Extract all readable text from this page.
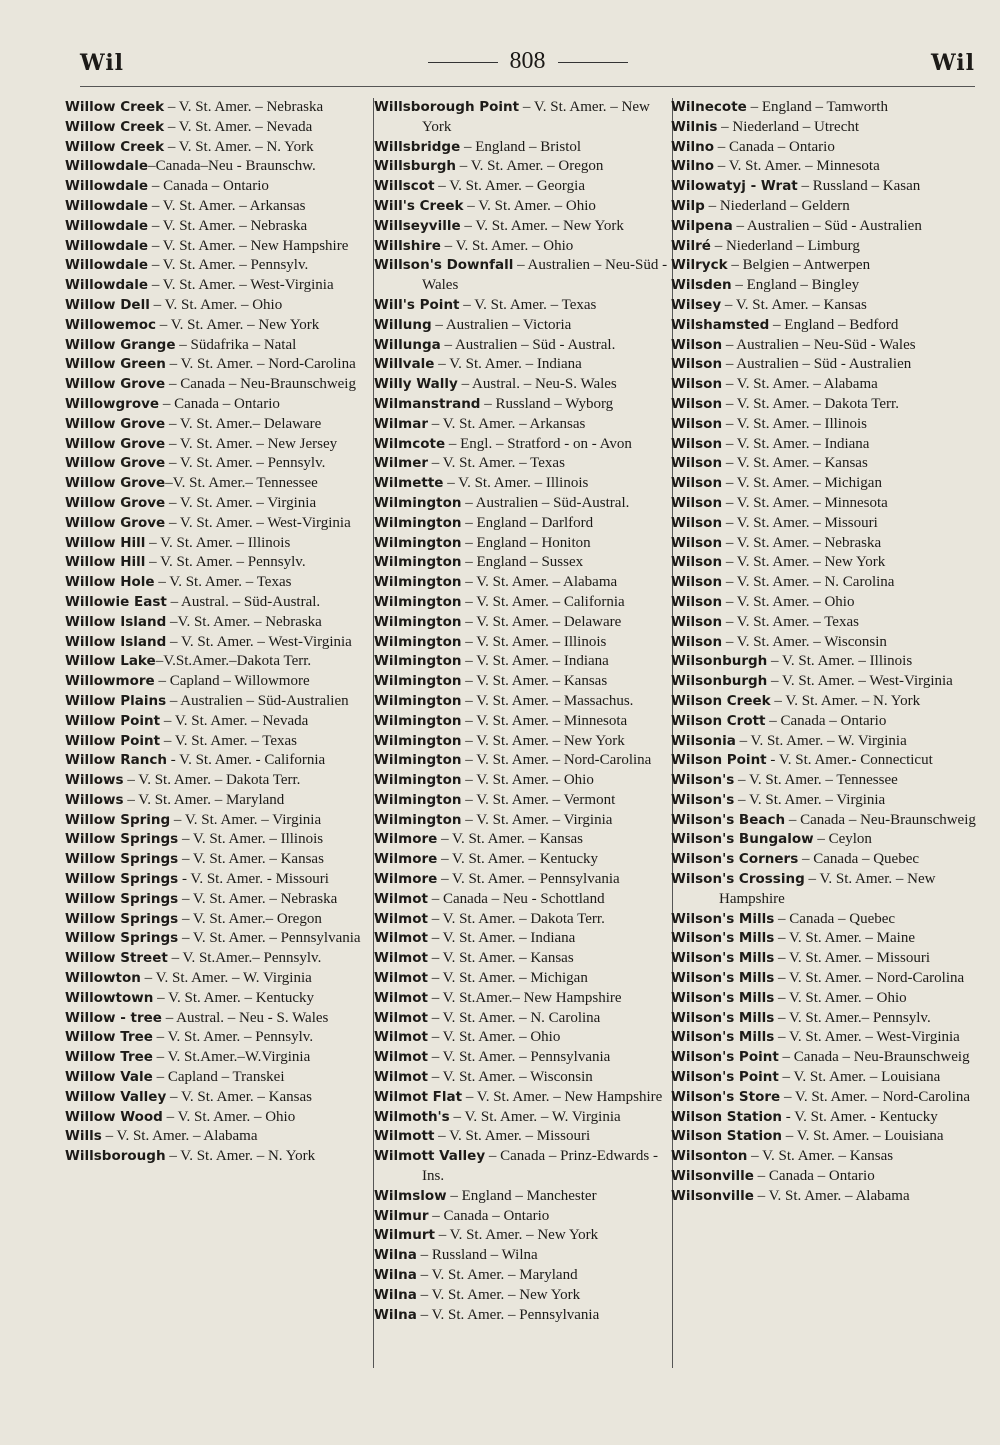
Wil	808	Wil
Willow Creek – V. St. Amer. – Nebraska
Willow Creek – V. St. Amer. – Nevada
Willow Creek – V. St. Amer. – N. York
Willowdale–Canada–Neu - Braunschw.
Willowdale – Canada – Ontario
Willowdale – V. St. Amer. – Arkansas
Willowdale – V. St. Amer. – Nebraska
Willowdale – V. St. Amer. – New Hampshire
Willowdale – V. St. Amer. – Pennsylv.
Willowdale – V. St. Amer. – West-Virginia
Willow Dell – V. St. Amer. – Ohio
Willowemoc – V. St. Amer. – New York
Willow Grange – Südafrika – Natal
Willow Green – V. St. Amer. – Nord-Carolina
Willow Grove – Canada – Neu-Braunschweig
Willowgrove – Canada – Ontario
Willow Grove – V. St. Amer.– Delaware
Willow Grove – V. St. Amer. – New Jersey
Willow Grove – V. St. Amer. – Pennsylv.
Willow Grove–V. St. Amer.– Tennessee
Willow Grove – V. St. Amer. – Virginia
Willow Grove – V. St. Amer. – West-Virginia
Willow Hill – V. St. Amer. – Illinois
Willow Hill – V. St. Amer. – Pennsylv.
Willow Hole – V. St. Amer. – Texas
Willowie East – Austral. – Süd-Austral.
Willow Island –V. St. Amer. – Nebraska
Willow Island – V. St. Amer. – West-Virginia
Willow Lake–V.St.Amer.–Dakota Terr.
Willowmore – Capland – Willowmore
Willow Plains – Australien – Süd-Australien
Willow Point – V. St. Amer. – Nevada
Willow Point – V. St. Amer. – Texas
Willow Ranch - V. St. Amer. - California
Willows – V. St. Amer. – Dakota Terr.
Willows – V. St. Amer. – Maryland
Willow Spring – V. St. Amer. – Virginia
Willow Springs – V. St. Amer. – Illinois
Willow Springs – V. St. Amer. – Kansas
Willow Springs - V. St. Amer. - Missouri
Willow Springs – V. St. Amer. – Nebraska
Willow Springs – V. St. Amer.– Oregon
Willow Springs – V. St. Amer. – Pennsylvania
Willow Street – V. St.Amer.– Pennsylv.
Willowton – V. St. Amer. – W. Virginia
Willowtown – V. St. Amer. – Kentucky
Willow - tree – Austral. – Neu - S. Wales
Willow Tree – V. St. Amer. – Pennsylv.
Willow Tree – V. St.Amer.–W.Virginia
Willow Vale – Capland – Transkei
Willow Valley – V. St. Amer. – Kansas
Willow Wood – V. St. Amer. – Ohio
Wills – V. St. Amer. – Alabama
Willsborough – V. St. Amer. – N. York
Willsborough Point – V. St. Amer. – New York
Willsbridge – England – Bristol
Willsburgh – V. St. Amer. – Oregon
Willscot – V. St. Amer. – Georgia
Will's Creek – V. St. Amer. – Ohio
Willseyville – V. St. Amer. – New York
Willshire – V. St. Amer. – Ohio
Willson's Downfall – Australien – Neu-Süd - Wales
Will's Point – V. St. Amer. – Texas
Willung – Australien – Victoria
Willunga – Australien – Süd - Austral.
Willvale – V. St. Amer. – Indiana
Willy Wally – Austral. – Neu-S. Wales
Wilmanstrand – Russland – Wyborg
Wilmar – V. St. Amer. – Arkansas
Wilmcote – Engl. – Stratford - on - Avon
Wilmer – V. St. Amer. – Texas
Wilmette – V. St. Amer. – Illinois
Wilmington – Australien – Süd-Austral.
Wilmington – England – Darlford
Wilmington – England – Honiton
Wilmington – England – Sussex
Wilmington – V. St. Amer. – Alabama
Wilmington – V. St. Amer. – California
Wilmington – V. St. Amer. – Delaware
Wilmington – V. St. Amer. – Illinois
Wilmington – V. St. Amer. – Indiana
Wilmington – V. St. Amer. – Kansas
Wilmington – V. St. Amer. – Massachus.
Wilmington – V. St. Amer. – Minnesota
Wilmington – V. St. Amer. – New York
Wilmington – V. St. Amer. – Nord-Carolina
Wilmington – V. St. Amer. – Ohio
Wilmington – V. St. Amer. – Vermont
Wilmington – V. St. Amer. – Virginia
Wilmore – V. St. Amer. – Kansas
Wilmore – V. St. Amer. – Kentucky
Wilmore – V. St. Amer. – Pennsylvania
Wilmot – Canada – Neu - Schottland
Wilmot – V. St. Amer. – Dakota Terr.
Wilmot – V. St. Amer. – Indiana
Wilmot – V. St. Amer. – Kansas
Wilmot – V. St. Amer. – Michigan
Wilmot – V. St.Amer.– New Hampshire
Wilmot – V. St. Amer. – N. Carolina
Wilmot – V. St. Amer. – Ohio
Wilmot – V. St. Amer. – Pennsylvania
Wilmot – V. St. Amer. – Wisconsin
Wilmot Flat – V. St. Amer. – New Hampshire
Wilmoth's – V. St. Amer. – W. Virginia
Wilmott – V. St. Amer. – Missouri
Wilmott Valley – Canada – Prinz-Edwards - Ins.
Wilmslow – England – Manchester
Wilmur – Canada – Ontario
Wilmurt – V. St. Amer. – New York
Wilna – Russland – Wilna
Wilna – V. St. Amer. – Maryland
Wilna – V. St. Amer. – New York
Wilna – V. St. Amer. – Pennsylvania
Wilnecote – England – Tamworth
Wilnis – Niederland – Utrecht
Wilno – Canada – Ontario
Wilno – V. St. Amer. – Minnesota
Wilowatyj - Wrat – Russland – Kasan
Wilp – Niederland – Geldern
Wilpena – Australien – Süd - Australien
Wilré – Niederland – Limburg
Wilryck – Belgien – Antwerpen
Wilsden – England – Bingley
Wilsey – V. St. Amer. – Kansas
Wilshamsted – England – Bedford
Wilson – Australien – Neu-Süd - Wales
Wilson – Australien – Süd - Australien
Wilson – V. St. Amer. – Alabama
Wilson – V. St. Amer. – Dakota Terr.
Wilson – V. St. Amer. – Illinois
Wilson – V. St. Amer. – Indiana
Wilson – V. St. Amer. – Kansas
Wilson – V. St. Amer. – Michigan
Wilson – V. St. Amer. – Minnesota
Wilson – V. St. Amer. – Missouri
Wilson – V. St. Amer. – Nebraska
Wilson – V. St. Amer. – New York
Wilson – V. St. Amer. – N. Carolina
Wilson – V. St. Amer. – Ohio
Wilson – V. St. Amer. – Texas
Wilson – V. St. Amer. – Wisconsin
Wilsonburgh – V. St. Amer. – Illinois
Wilsonburgh – V. St. Amer. – West-Virginia
Wilson Creek – V. St. Amer. – N. York
Wilson Crott – Canada – Ontario
Wilsonia – V. St. Amer. – W. Virginia
Wilson Point - V. St. Amer.- Connecticut
Wilson's – V. St. Amer. – Tennessee
Wilson's – V. St. Amer. – Virginia
Wilson's Beach – Canada – Neu-Braunschweig
Wilson's Bungalow – Ceylon
Wilson's Corners – Canada – Quebec
Wilson's Crossing – V. St. Amer. – New Hampshire
Wilson's Mills – Canada – Quebec
Wilson's Mills – V. St. Amer. – Maine
Wilson's Mills – V. St. Amer. – Missouri
Wilson's Mills – V. St. Amer. – Nord-Carolina
Wilson's Mills – V. St. Amer. – Ohio
Wilson's Mills – V. St. Amer.– Pennsylv.
Wilson's Mills – V. St. Amer. – West-Virginia
Wilson's Point – Canada – Neu-Braunschweig
Wilson's Point – V. St. Amer. – Louisiana
Wilson's Store – V. St. Amer. – Nord-Carolina
Wilson Station - V. St. Amer. - Kentucky
Wilson Station – V. St. Amer. – Louisiana
Wilsonton – V. St. Amer. – Kansas
Wilsonville – Canada – Ontario
Wilsonville – V. St. Amer. – Alabama
